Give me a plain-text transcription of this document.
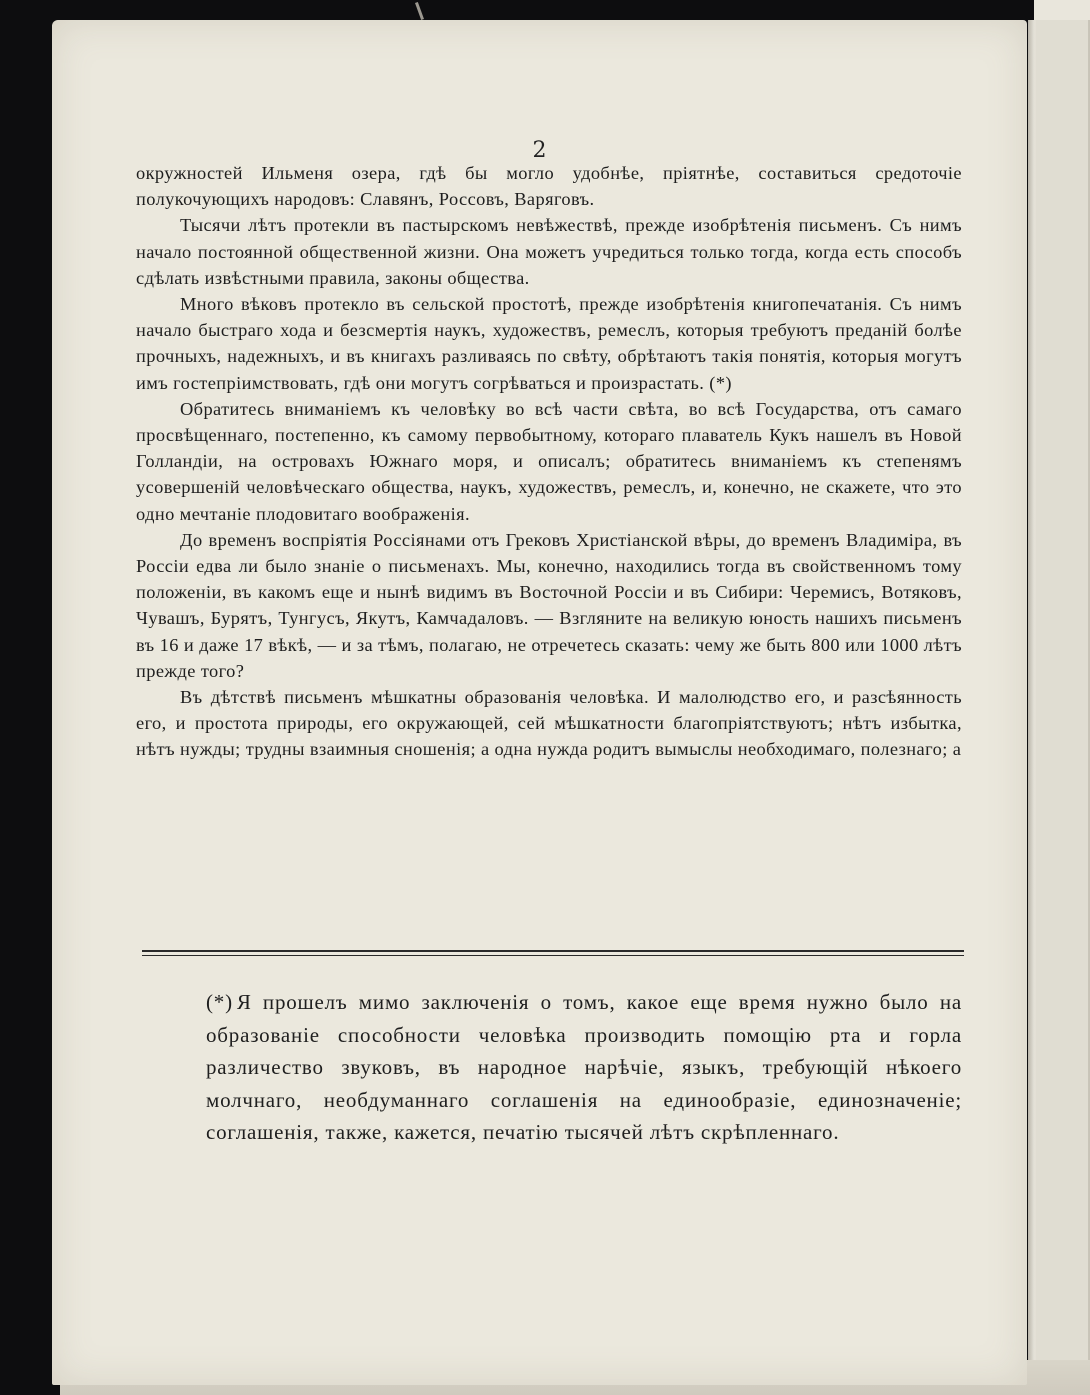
2

окружностей Ильменя озера, гдѣ бы могло удобнѣе, пріятнѣе, составиться средоточіе полукочующихъ народовъ: Славянъ, Россовъ, Варяговъ.

Тысячи лѣтъ протекли въ пастырскомъ невѣжествѣ, прежде изобрѣтенія письменъ. Съ нимъ начало постоянной общественной жизни. Она можетъ учредиться только тогда, когда есть способъ сдѣлать извѣстными правила, законы общества.

Много вѣковъ протекло въ сельской простотѣ, прежде изобрѣтенія книгопечатанія. Съ нимъ начало быстраго хода и безсмертія наукъ, художествъ, ремеслъ, которыя требуютъ преданій болѣе прочныхъ, надежныхъ, и въ книгахъ разливаясь по свѣту, обрѣтаютъ такія понятія, которыя могутъ имъ гостепріимствовать, гдѣ они могутъ согрѣваться и произрастать. (*)

Обратитесь вниманіемъ къ человѣку во всѣ части свѣта, во всѣ Государства, отъ самаго просвѣщеннаго, постепенно, къ самому первобытному, котораго плаватель Кукъ нашелъ въ Новой Голландіи, на островахъ Южнаго моря, и описалъ; обратитесь вниманіемъ къ степенямъ усовершеній человѣческаго общества, наукъ, художествъ, ремеслъ, и, конечно, не скажете, что это одно мечтаніе плодовитаго воображенія.

До временъ воспріятія Россіянами отъ Грековъ Христіанской вѣры, до временъ Владиміра, въ Россіи едва ли было знаніе о письменахъ. Мы, конечно, находились тогда въ свойственномъ тому положеніи, въ какомъ еще и нынѣ видимъ въ Восточной Россіи и въ Сибири: Черемисъ, Вотяковъ, Чувашъ, Бурятъ, Тунгусъ, Якутъ, Камчадаловъ. — Взгляните на великую юность нашихъ письменъ въ 16 и даже 17 вѣкѣ, — и за тѣмъ, полагаю, не отречетесь сказать: чему же быть 800 или 1000 лѣтъ прежде того?

Въ дѣтствѣ письменъ мѣшкатны образованія человѣка. И малолюдство его, и разсѣянность его, и простота природы, его окружающей, сей мѣшкатности благопріятствуютъ; нѣтъ избытка, нѣтъ нужды; трудны взаимныя сношенія; а одна нужда родитъ вымыслы необходимаго, полезнаго; а

(*) Я прошелъ мимо заключенія о томъ, какое еще время нужно было на образованіе способности человѣка производить помощію рта и горла различество звуковъ, въ народное нарѣчіе, языкъ, требующій нѣкоего молчнаго, необдуманнаго соглашенія на единообразіе, единозначеніе; соглашенія, также, кажется, печатію тысячей лѣтъ скрѣпленнаго.
